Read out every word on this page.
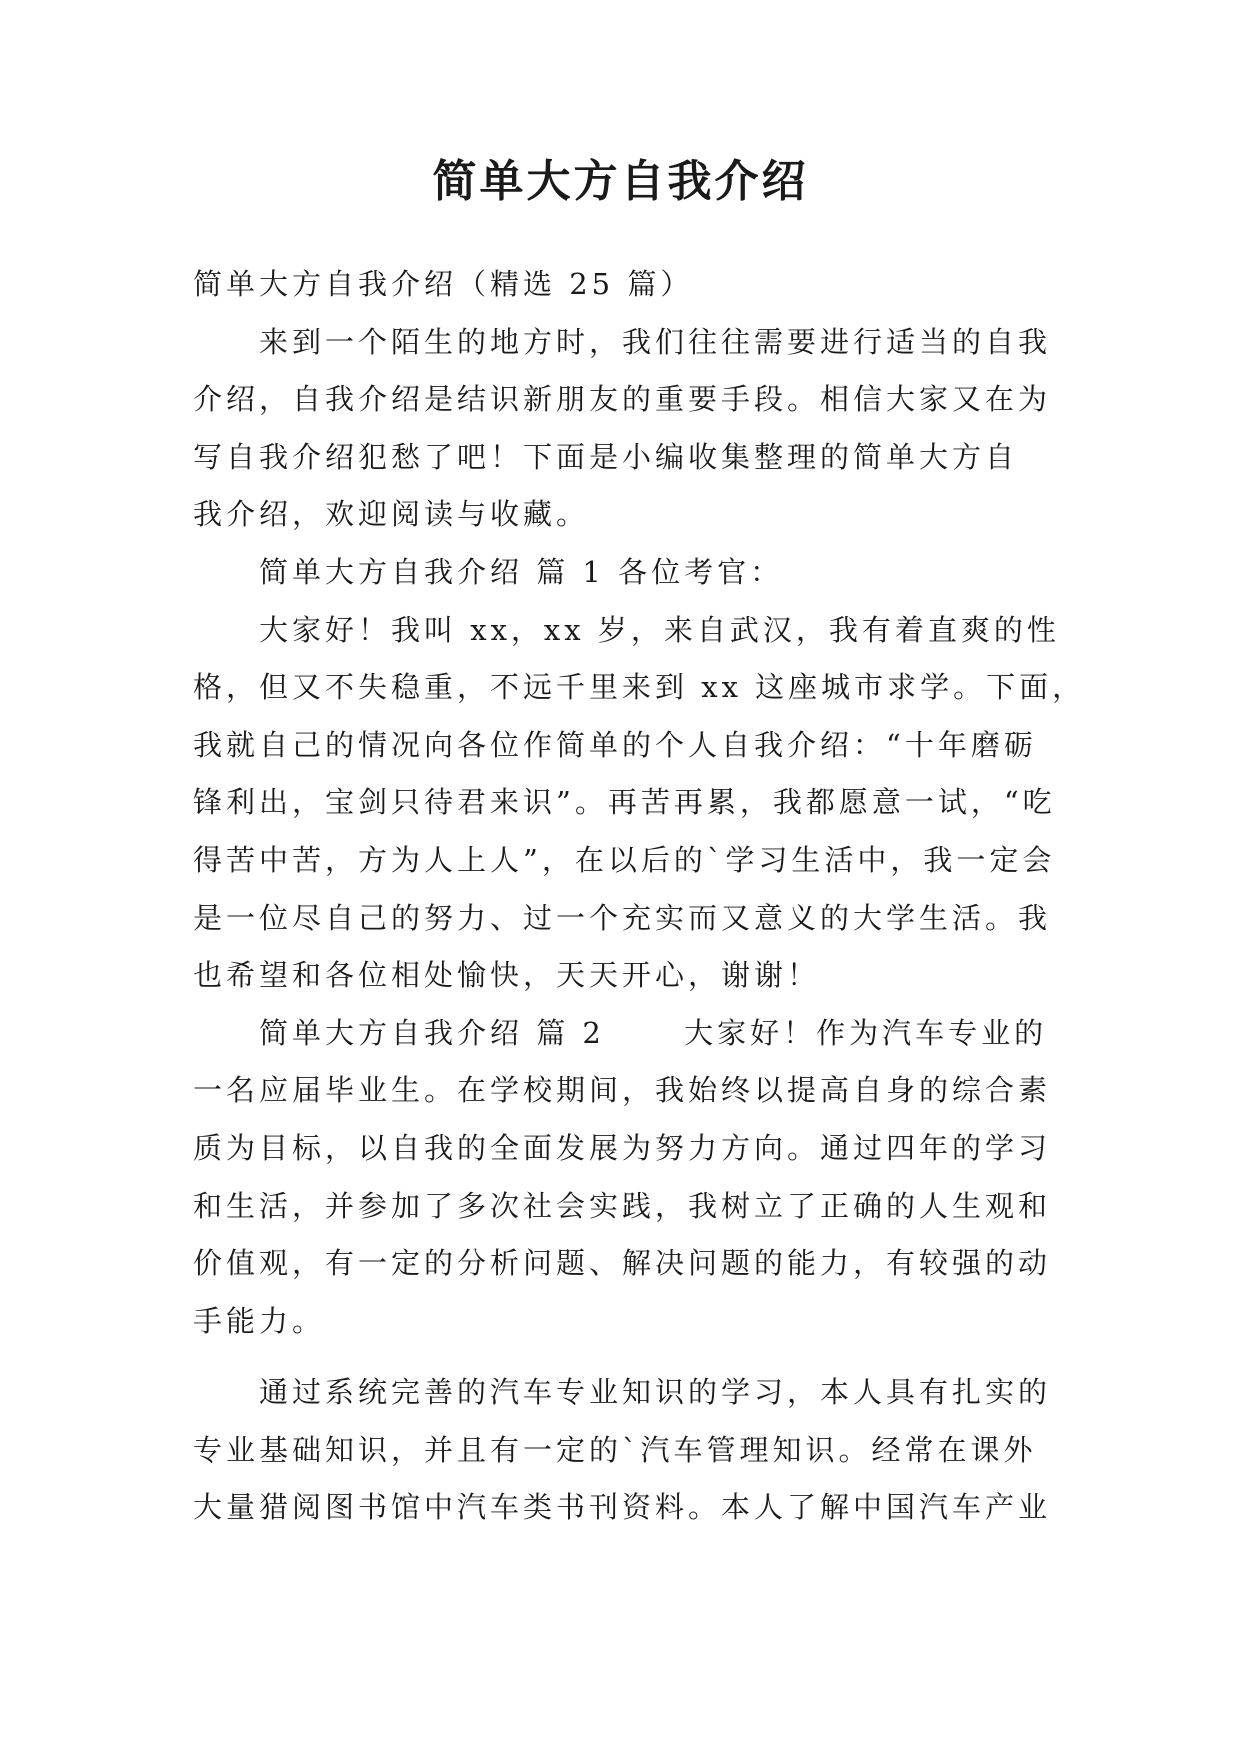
简单大方自我介绍
简单大方自我介绍（精选 25 篇）
来到一个陌生的地方时，我们往往需要进行适当的自我
介绍，自我介绍是结识新朋友的重要手段。相信大家又在为
写自我介绍犯愁了吧！下面是小编收集整理的简单大方自
我介绍，欢迎阅读与收藏。
简单大方自我介绍 篇 1 各位考官：
大家好！我叫 xx，xx 岁，来自武汉，我有着直爽的性
格，但又不失稳重，不远千里来到 xx 这座城市求学。下面，
我就自己的情况向各位作简单的个人自我介绍：“十年磨砺
锋利出，宝剑只待君来识”。再苦再累，我都愿意一试，“吃
得苦中苦，方为人上人”，在以后的`学习生活中，我一定会
是一位尽自己的努力、过一个充实而又意义的大学生活。我
也希望和各位相处愉快，天天开心，谢谢！
简单大方自我介绍 篇 2　　 大家好！作为汽车专业的
一名应届毕业生。在学校期间，我始终以提高自身的综合素
质为目标，以自我的全面发展为努力方向。通过四年的学习
和生活，并参加了多次社会实践，我树立了正确的人生观和
价值观，有一定的分析问题、解决问题的能力，有较强的动
手能力。
通过系统完善的汽车专业知识的学习，本人具有扎实的
专业基础知识，并且有一定的`汽车管理知识。经常在课外
大量猎阅图书馆中汽车类书刊资料。本人了解中国汽车产业
